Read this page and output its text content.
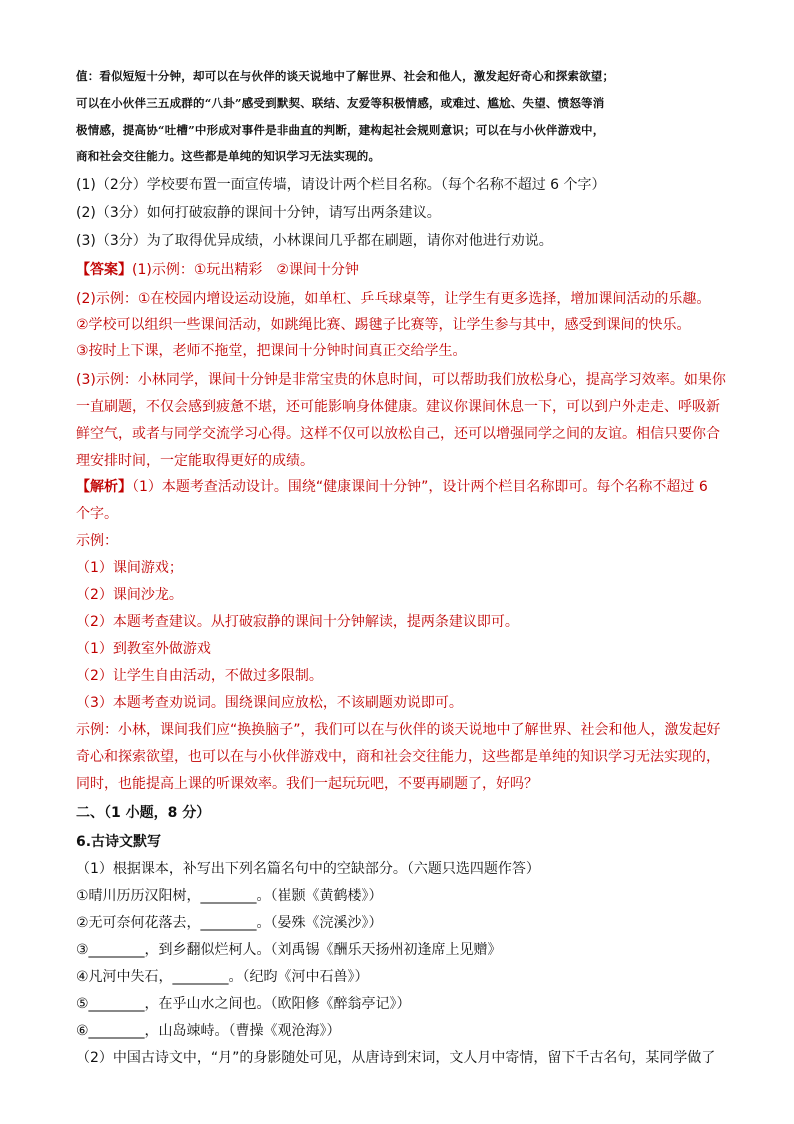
值：看似短短十分钟，却可以在与伙伴的谈天说地中了解世界、社会和他人，激发起好奇心和探索欲望；
可以在小伙伴三五成群的“八卦”感受到默契、联结、友爱等积极情感，或难过、尴尬、失望、愤怒等消
极情感，提高协“吐槽”中形成对事件是非曲直的判断，建构起社会规则意识；可以在与小伙伴游戏中，
商和社会交往能力。这些都是单纯的知识学习无法实现的。
(1)（2分）学校要布置一面宣传墙，请设计两个栏目名称。（每个名称不超过 6 个字）
(2)（3分）如何打破寂静的课间十分钟，请写出两条建议。
(3)（3分）为了取得优异成绩，小林课间几乎都在刷题，请你对他进行劝说。
【答案】(1)示例：①玩出精彩　②课间十分钟
(2)示例：①在校园内增设运动设施，如单杠、乒乓球桌等，让学生有更多选择，增加课间活动的乐趣。
②学校可以组织一些课间活动，如跳绳比赛、踢毽子比赛等，让学生参与其中，感受到课间的快乐。
③按时上下课，老师不拖堂，把课间十分钟时间真正交给学生。
(3)示例：小林同学，课间十分钟是非常宝贵的休息时间，可以帮助我们放松身心，提高学习效率。如果你
一直刷题，不仅会感到疲惫不堪，还可能影响身体健康。建议你课间休息一下，可以到户外走走、呼吸新
鲜空气，或者与同学交流学习心得。这样不仅可以放松自己，还可以增强同学之间的友谊。相信只要你合
理安排时间，一定能取得更好的成绩。
【解析】（1）本题考查活动设计。围绕“健康课间十分钟”，设计两个栏目名称即可。每个名称不超过 6
个字。
示例：
（1）课间游戏；
（2）课间沙龙。
（2）本题考查建议。从打破寂静的课间十分钟解读，提两条建议即可。
（1）到教室外做游戏
（2）让学生自由活动，不做过多限制。
（3）本题考查劝说词。围绕课间应放松，不该刷题劝说即可。
示例：小林，课间我们应“换换脑子”，我们可以在与伙伴的谈天说地中了解世界、社会和他人，激发起好
奇心和探索欲望，也可以在与小伙伴游戏中，商和社会交往能力，这些都是单纯的知识学习无法实现的，
同时，也能提高上课的听课效率。我们一起玩玩吧，不要再刷题了，好吗？
二、（1 小题，8 分）
6.古诗文默写
（1）根据课本，补写出下列名篇名句中的空缺部分。（六题只选四题作答）
①晴川历历汉阳树，________。（崔颢《黄鹤楼》）
②无可奈何花落去，________。（晏殊《浣溪沙》）
③________，到乡翻似烂柯人。（刘禹锡《酬乐天扬州初逢席上见赠》
④凡河中失石，________。（纪昀《河中石兽》）
⑤________，在乎山水之间也。（欧阳修《醉翁亭记》）
⑥________，山岛竦峙。（曹操《观沧海》）
（2）中国古诗文中，“月”的身影随处可见，从唐诗到宋词，文人月中寄情，留下千古名句，某同学做了
